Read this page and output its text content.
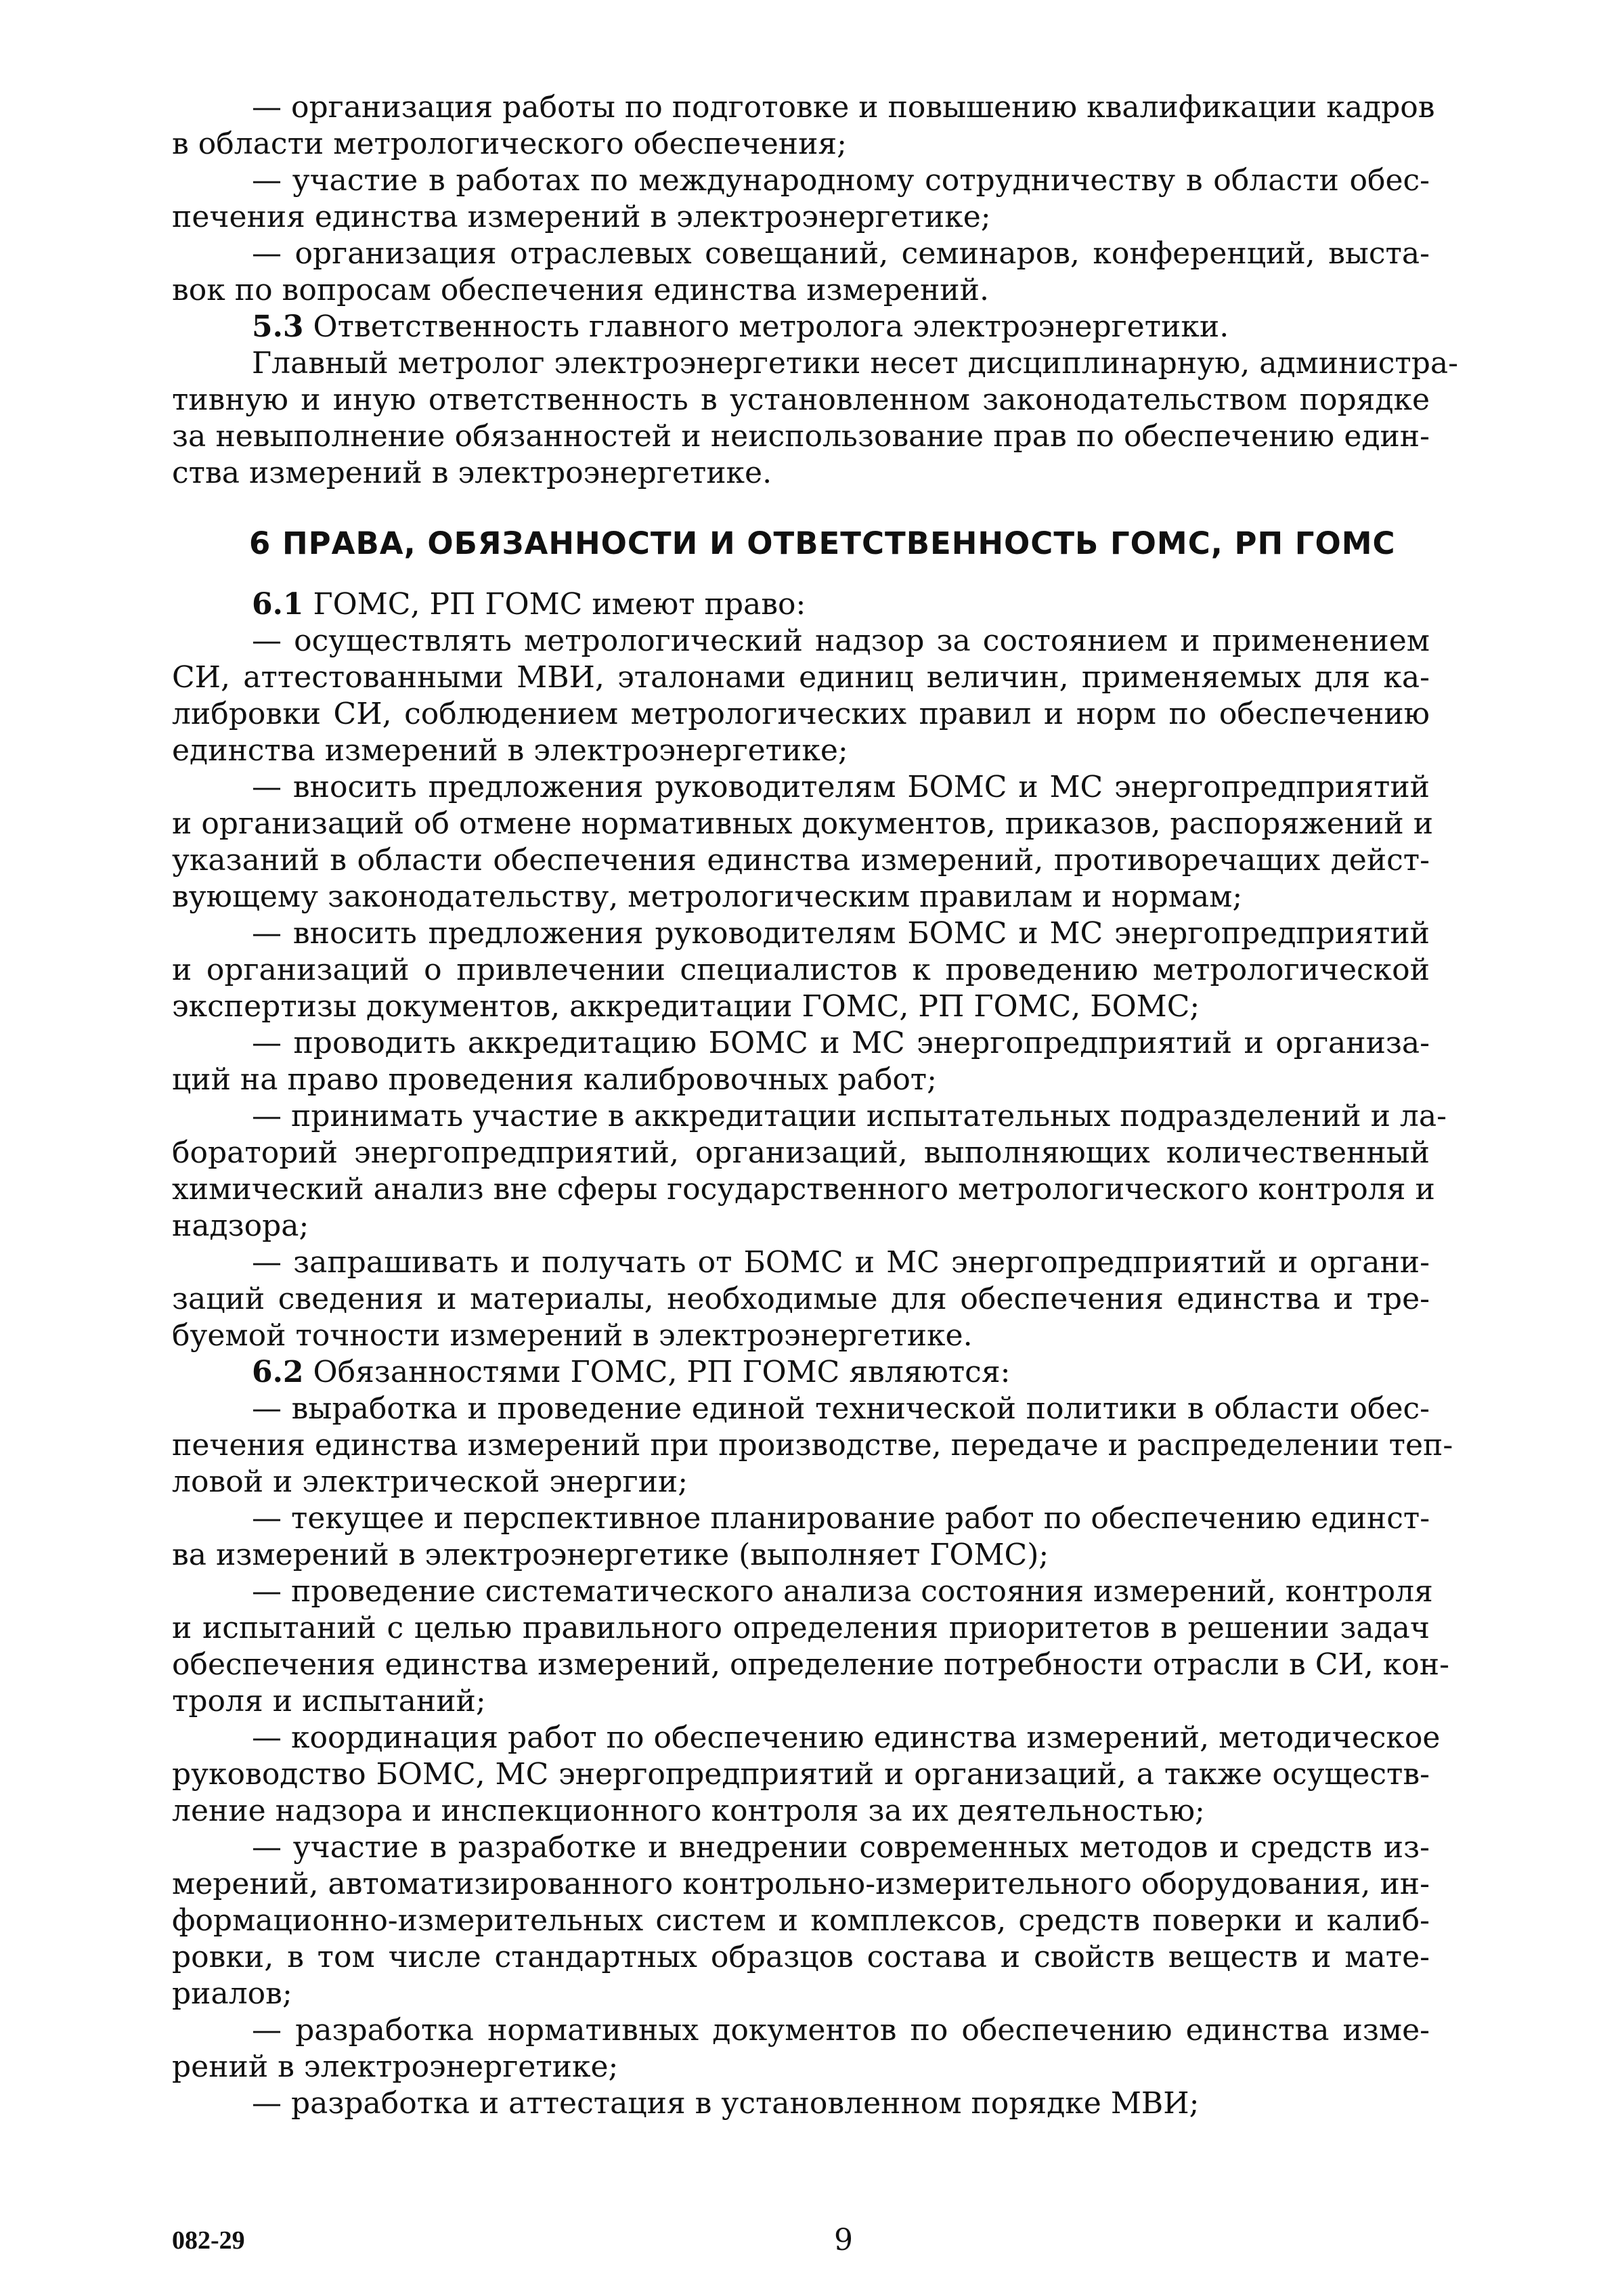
— организация работы по подготовке и повышению квалификации кадров
в области метрологического обеспечения;
— участие в работах по международному сотрудничеству в области обес-
печения единства измерений в электроэнергетике;
— организация отраслевых совещаний, семинаров, конференций, выста-
вок по вопросам обеспечения единства измерений.
5.3 Ответственность главного метролога электроэнергетики.
Главный метролог электроэнергетики несет дисциплинарную, администра-
тивную и иную ответственность в установленном законодательством порядке
за невыполнение обязанностей и неиспользование прав по обеспечению един-
ства измерений в электроэнергетике.
6 ПРАВА, ОБЯЗАННОСТИ И ОТВЕТСТВЕННОСТЬ ГОМС, РП ГОМС
6.1 ГОМС, РП ГОМС имеют право:
— осуществлять метрологический надзор за состоянием и применением
СИ, аттестованными МВИ, эталонами единиц величин, применяемых для ка-
либровки СИ, соблюдением метрологических правил и норм по обеспечению
единства измерений в электроэнергетике;
— вносить предложения руководителям БОМС и МС энергопредприятий
и организаций об отмене нормативных документов, приказов, распоряжений и
указаний в области обеспечения единства измерений, противоречащих дейст-
вующему законодательству, метрологическим правилам и нормам;
— вносить предложения руководителям БОМС и МС энергопредприятий
и организаций о привлечении специалистов к проведению метрологической
экспертизы документов, аккредитации ГОМС, РП ГОМС, БОМС;
— проводить аккредитацию БОМС и МС энергопредприятий и организа-
ций на право проведения калибровочных работ;
— принимать участие в аккредитации испытательных подразделений и ла-
бораторий энергопредприятий, организаций, выполняющих количественный
химический анализ вне сферы государственного метрологического контроля и
надзора;
— запрашивать и получать от БОМС и МС энергопредприятий и органи-
заций сведения и материалы, необходимые для обеспечения единства и тре-
буемой точности измерений в электроэнергетике.
6.2 Обязанностями ГОМС, РП ГОМС являются:
— выработка и проведение единой технической политики в области обес-
печения единства измерений при производстве, передаче и распределении теп-
ловой и электрической энергии;
— текущее и перспективное планирование работ по обеспечению единст-
ва измерений в электроэнергетике (выполняет ГОМС);
— проведение систематического анализа состояния измерений, контроля
и испытаний с целью правильного определения приоритетов в решении задач
обеспечения единства измерений, определение потребности отрасли в СИ, кон-
троля и испытаний;
— координация работ по обеспечению единства измерений, методическое
руководство БОМС, МС энергопредприятий и организаций, а также осуществ-
ление надзора и инспекционного контроля за их деятельностью;
— участие в разработке и внедрении современных методов и средств из-
мерений, автоматизированного контрольно-измерительного оборудования, ин-
формационно-измерительных систем и комплексов, средств поверки и калиб-
ровки, в том числе стандартных образцов состава и свойств веществ и мате-
риалов;
— разработка нормативных документов по обеспечению единства изме-
рений в электроэнергетике;
— разработка и аттестация в установленном порядке МВИ;
082-29	9
